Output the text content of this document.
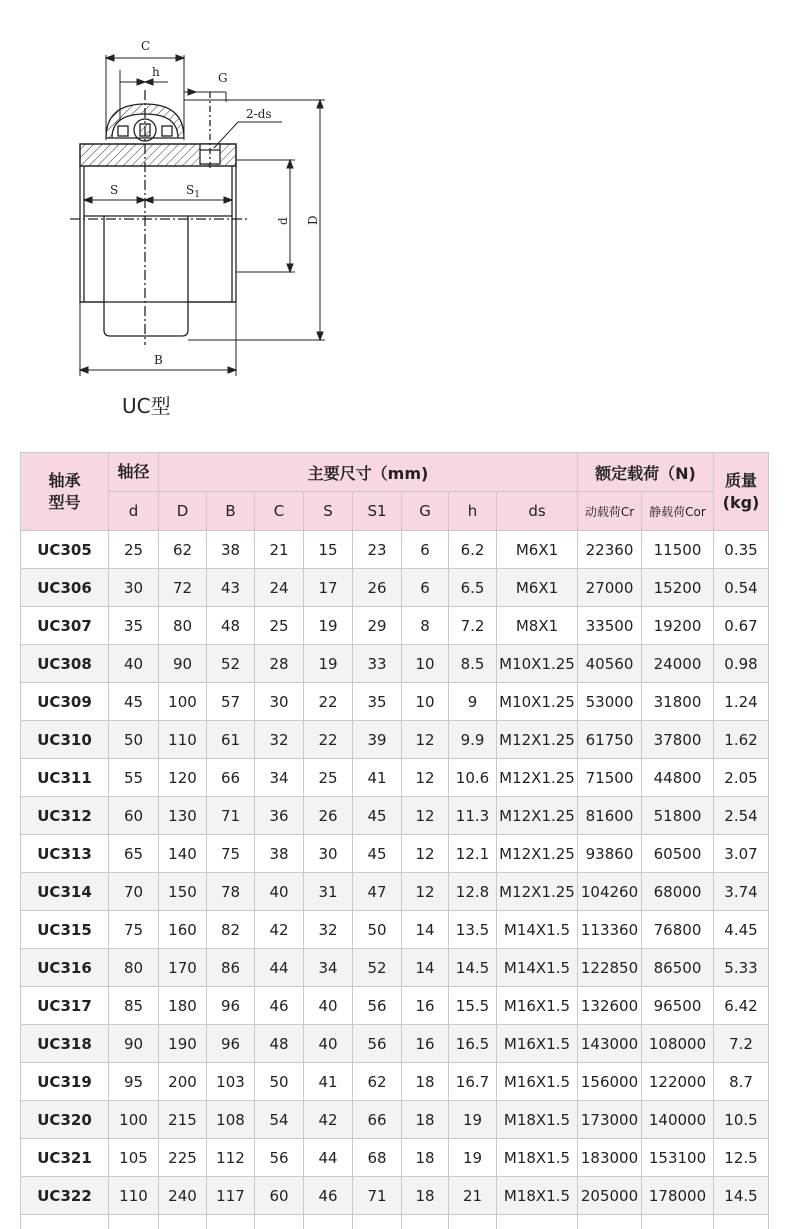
C
h	G
2-ds
S	$S_1$
d D
B
UC型
轴承
型号	轴径	主要尺寸（mm)								额定载荷（N)		质量
(kg)
	d	D	B	C	S	S1	G	h	ds	动载荷Cr	静载荷Cor	
UC305	25	62	38	21	15	23	6	6.2	M6X1	22360	11500	0.35
UC306	30	72	43	24	17	26	6	6.5	M6X1	27000	15200	0.54
UC307	35	80	48	25	19	29	8	7.2	M8X1	33500	19200	0.67
UC308	40	90	52	28	19	33	10	8.5	M10X1.25	40560	24000	0.98
UC309	45	100	57	30	22	35	10	9	M10X1.25	53000	31800	1.24
UC310	50	110	61	32	22	39	12	9.9	M12X1.25	61750	37800	1.62
UC311	55	120	66	34	25	41	12	10.6	M12X1.25	71500	44800	2.05
UC312	60	130	71	36	26	45	12	11.3	M12X1.25	81600	51800	2.54
UC313	65	140	75	38	30	45	12	12.1	M12X1.25	93860	60500	3.07
UC314	70	150	78	40	31	47	12	12.8	M12X1.25	104260	68000	3.74
UC315	75	160	82	42	32	50	14	13.5	M14X1.5	113360	76800	4.45
UC316	80	170	86	44	34	52	14	14.5	M14X1.5	122850	86500	5.33
UC317	85	180	96	46	40	56	16	15.5	M16X1.5	132600	96500	6.42
UC318	90	190	96	48	40	56	16	16.5	M16X1.5	143000	108000	7.2
UC319	95	200	103	50	41	62	18	16.7	M16X1.5	156000	122000	8.7
UC320	100	215	108	54	42	66	18	19	M18X1.5	173000	140000	10.5
UC321	105	225	112	56	44	68	18	19	M18X1.5	183000	153100	12.5
UC322	110	240	117	60	46	71	18	21	M18X1.5	205000	178000	14.5
